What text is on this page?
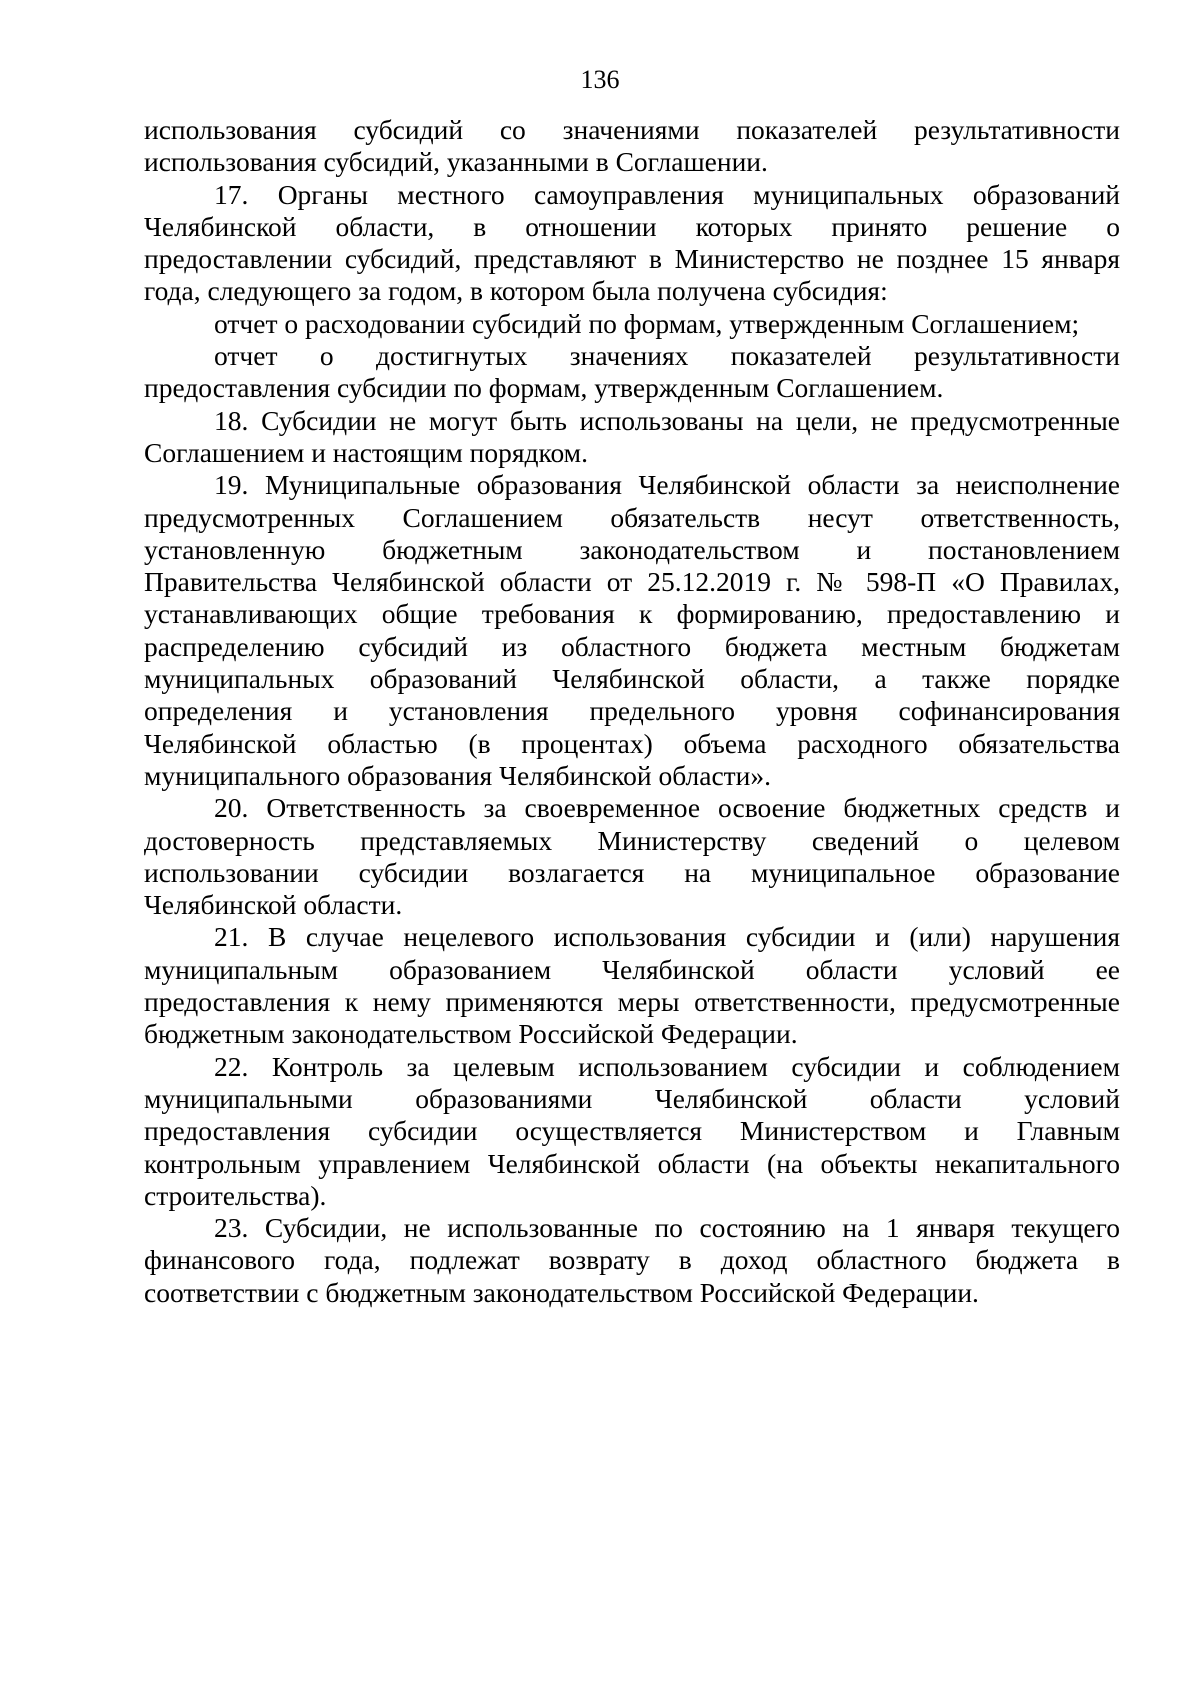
136
использования субсидий со значениями показателей результативности
использования субсидий, указанными в Соглашении.
17. Органы местного самоуправления муниципальных образований
Челябинской области, в отношении которых принято решение о
предоставлении субсидий, представляют в Министерство не позднее 15 января
года, следующего за годом, в котором была получена субсидия:
отчет о расходовании субсидий по формам, утвержденным Соглашением;
отчет о достигнутых значениях показателей результативности
предоставления субсидии по формам, утвержденным Соглашением.
18. Субсидии не могут быть использованы на цели, не предусмотренные
Соглашением и настоящим порядком.
19. Муниципальные образования Челябинской области за неисполнение
предусмотренных Соглашением обязательств несут ответственность,
установленную бюджетным законодательством и постановлением
Правительства Челябинской области от 25.12.2019 г. № 598-П «О Правилах,
устанавливающих общие требования к формированию, предоставлению и
распределению субсидий из областного бюджета местным бюджетам
муниципальных образований Челябинской области, а также порядке
определения и установления предельного уровня софинансирования
Челябинской областью (в процентах) объема расходного обязательства
муниципального образования Челябинской области».
20. Ответственность за своевременное освоение бюджетных средств и
достоверность представляемых Министерству сведений о целевом
использовании субсидии возлагается на муниципальное образование
Челябинской области.
21. В случае нецелевого использования субсидии и (или) нарушения
муниципальным образованием Челябинской области условий ее
предоставления к нему применяются меры ответственности, предусмотренные
бюджетным законодательством Российской Федерации.
22. Контроль за целевым использованием субсидии и соблюдением
муниципальными образованиями Челябинской области условий
предоставления субсидии осуществляется Министерством и Главным
контрольным управлением Челябинской области (на объекты некапитального
строительства).
23. Субсидии, не использованные по состоянию на 1 января текущего
финансового года, подлежат возврату в доход областного бюджета в
соответствии с бюджетным законодательством Российской Федерации.
